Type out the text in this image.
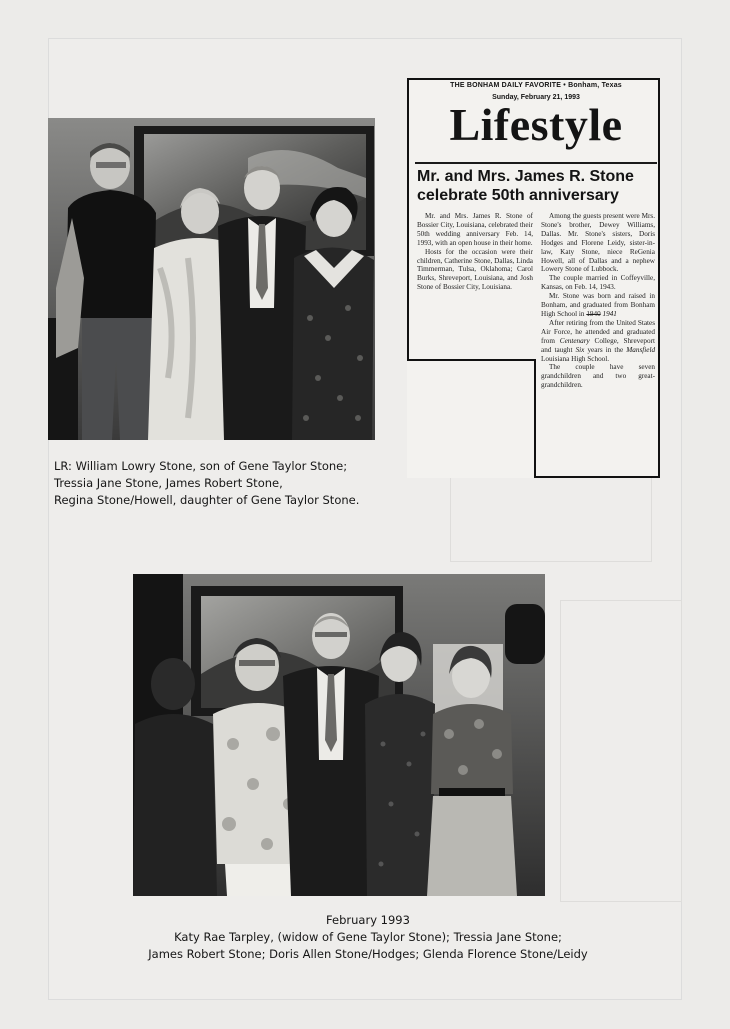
THE BONHAM DAILY FAVORITE • Bonham, Texas
Sunday, February 21, 1993
Lifestyle
Mr. and Mrs. James R. Stone celebrate 50th anniversary

Mr. and Mrs. James R. Stone of Bossier City, Louisiana, celebrated their 50th wedding anniversary Feb. 14, 1993, with an open house in their home.

Hosts for the occasion were their children, Catherine Stone, Dallas, Linda Timmerman, Tulsa, Oklahoma; Carol Burks, Shreveport, Louisiana, and Josh Stone of Bossier City, Louisiana.

Among the guests present were Mrs. Stone's brother, Dewey Williams, Dallas. Mr. Stone's sisters, Doris Hodges and Florene Leidy, sister-in-law, Katy Stone, niece ReGenia Howell, all of Dallas and a nephew Lowery Stone of Lubbock.

The couple married in Coffeyville, Kansas, on Feb. 14, 1943.

Mr. Stone was born and raised in Bonham, and graduated from Bonham High School in 1940 1941

After retiring from the United States Air Force, he attended and graduated from Centenary College, Shreveport and taught Six years in the Mansfield Louisiana High School.

The couple have seven grandchildren and two great-grandchildren.

LR: William Lowry Stone, son of Gene Taylor Stone;
Tressia Jane Stone, James Robert Stone,
Regina Stone/Howell, daughter of Gene Taylor Stone.
February 1993
Katy Rae Tarpley, (widow of Gene Taylor Stone); Tressia Jane Stone;
James Robert Stone; Doris Allen Stone/Hodges; Glenda Florence Stone/Leidy
